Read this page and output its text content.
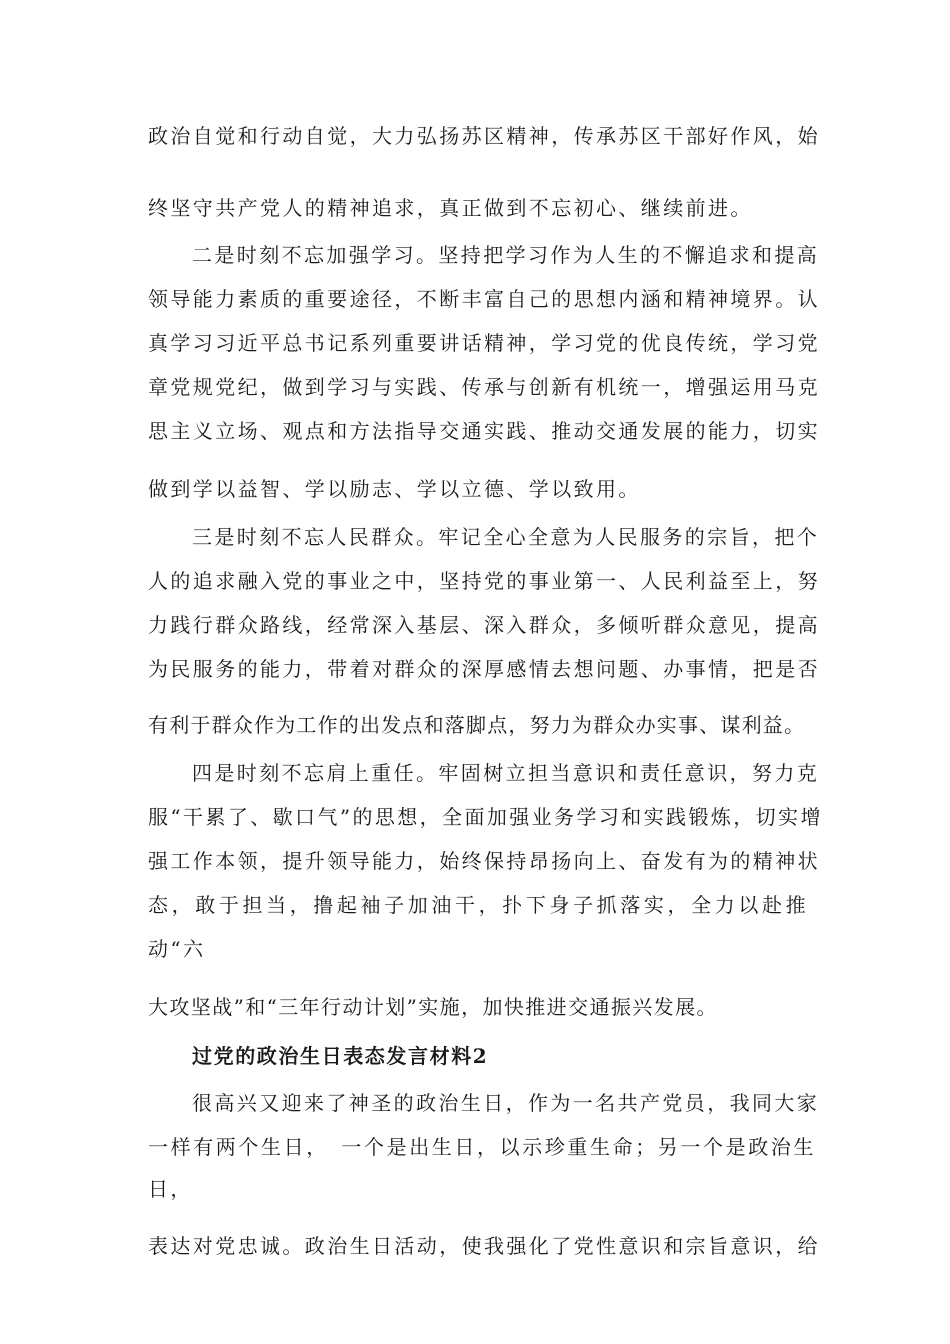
政治自觉和行动自觉，大力弘扬苏区精神，传承苏区干部好作风，始
终坚守共产党人的精神追求，真正做到不忘初心、继续前进。
二是时刻不忘加强学习。坚持把学习作为人生的不懈追求和提高
领导能力素质的重要途径，不断丰富自己的思想内涵和精神境界。认
真学习习近平总书记系列重要讲话精神，学习党的优良传统，学习党
章党规党纪，做到学习与实践、传承与创新有机统一，增强运用马克
思主义立场、观点和方法指导交通实践、推动交通发展的能力，切实
做到学以益智、学以励志、学以立德、学以致用。
三是时刻不忘人民群众。牢记全心全意为人民服务的宗旨，把个
人的追求融入党的事业之中，坚持党的事业第一、人民利益至上，努
力践行群众路线，经常深入基层、深入群众，多倾听群众意见，提高
为民服务的能力，带着对群众的深厚感情去想问题、办事情，把是否
有利于群众作为工作的出发点和落脚点，努力为群众办实事、谋利益。
四是时刻不忘肩上重任。牢固树立担当意识和责任意识，努力克
服“干累了、歇口气”的思想，全面加强业务学习和实践锻炼，切实增
强工作本领，提升领导能力，始终保持昂扬向上、奋发有为的精神状
态，敢于担当，撸起袖子加油干，扑下身子抓落实，全力以赴推
动“六
大攻坚战”和“三年行动计划”实施，加快推进交通振兴发展。
过党的政治生日表态发言材料2
很高兴又迎来了神圣的政治生日，作为一名共产党员，我同大家
一样有两个生日，　一个是出生日，以示珍重生命；另一个是政治生
日，
表达对党忠诚。政治生日活动，使我强化了党性意识和宗旨意识，给
